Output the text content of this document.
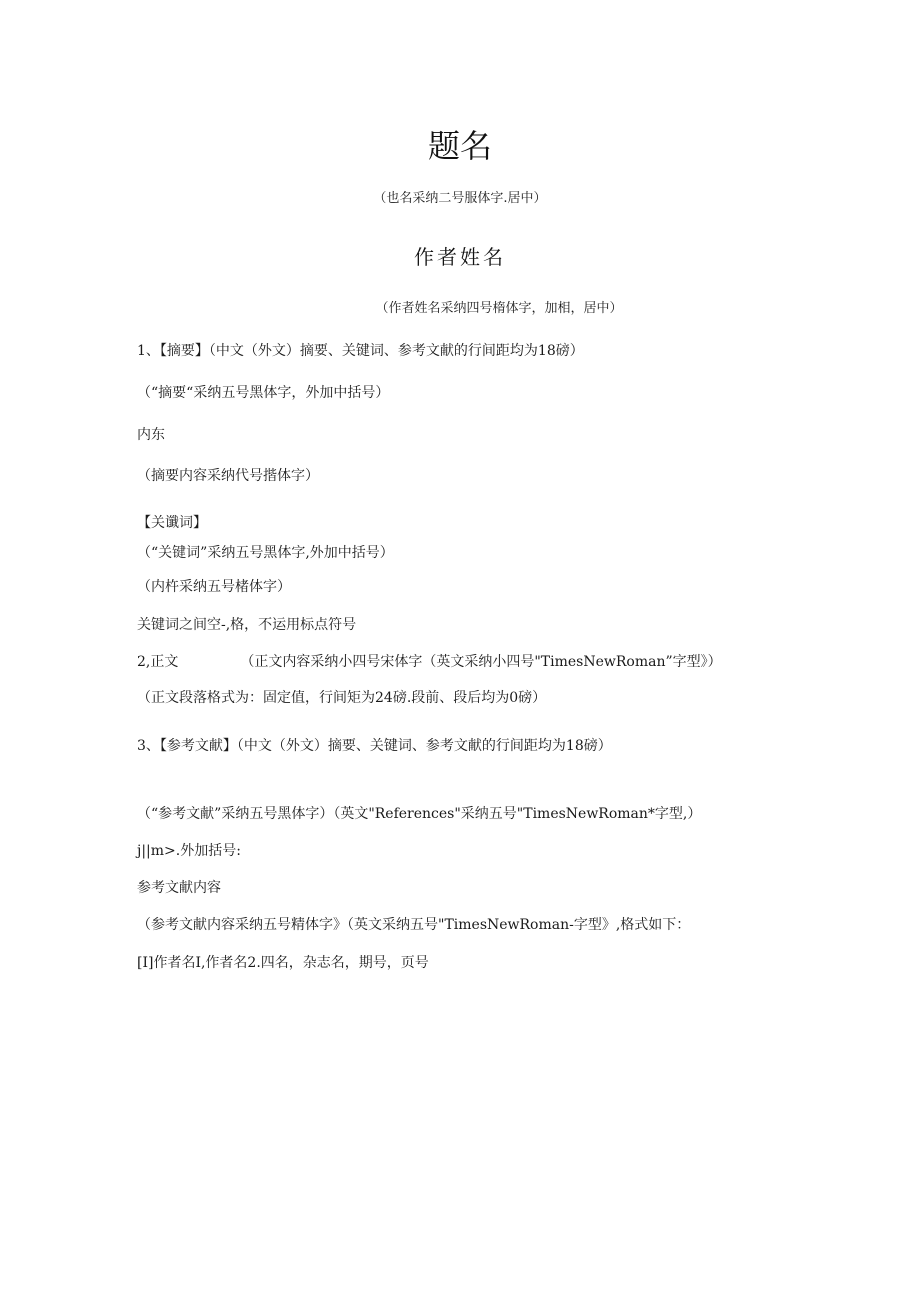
题名
（也名采纳二号服体字.居中）
作者姓名
（作者姓名采纳四号楕体字，加相，居中）
1、【摘要】（中文（外文）摘要、关键词、参考文献的行间距均为18磅）
（“摘要“采纳五号黑体字，外加中括号）
内东
（摘要内容采纳代号揩体字）
【关谶词】
（“关键词”采纳五号黑体字,外加中括号）
（内杵采纳五号楮体字）
关键词之间空-,格，不运用标点符号
2,正文	（正文内容采纳小四号宋体字（英文采纳小四号"TimesNewRoman”字型》）
（正文段落格式为：固定值，行间矩为24磅.段前、段后均为0磅）
3、【参考文献】（中文（外文）摘要、关键词、参考文献的行间距均为18磅）
（“参考文献”采纳五号黑体字）（英文"References"采纳五号"TimesNewRoman*字型,）
j||m>.外加括号:
参考文献内容
（参考文献内容采纳五号精体字》（英文采纳五号"TimesNewRoman-字型》,格式如下：
[I]作者名I,作者名2.四名，杂志名，期号，页号
